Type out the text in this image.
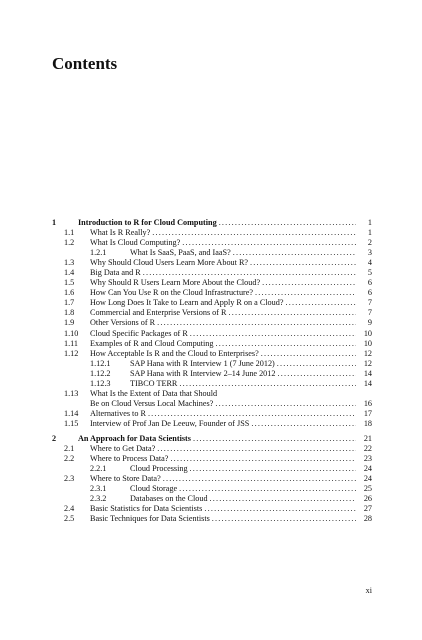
Contents
1	Introduction to R for Cloud Computing .....	1
1.1	What Is R Really? .....	1
1.2	What Is Cloud Computing? .....	2
1.2.1	What Is SaaS, PaaS, and IaaS? .....	3
1.3	Why Should Cloud Users Learn More About R? .....	4
1.4	Big Data and R .....	5
1.5	Why Should R Users Learn More About the Cloud? .....	6
1.6	How Can You Use R on the Cloud Infrastructure? .....	6
1.7	How Long Does It Take to Learn and Apply R on a Cloud? .....	7
1.8	Commercial and Enterprise Versions of R .....	7
1.9	Other Versions of R .....	9
1.10	Cloud Specific Packages of R .....	10
1.11	Examples of R and Cloud Computing .....	10
1.12	How Acceptable Is R and the Cloud to Enterprises? .....	12
1.12.1	SAP Hana with R Interview 1 (7 June 2012) .....	12
1.12.2	SAP Hana with R Interview 2–14 June 2012 .....	14
1.12.3	TIBCO TERR .....	14
1.13	What Is the Extent of Data that Should
Be on Cloud Versus Local Machines? .....	16
1.14	Alternatives to R .....	17
1.15	Interview of Prof Jan De Leeuw, Founder of JSS .....	18
2	An Approach for Data Scientists .....	21
2.1	Where to Get Data? .....	22
2.2	Where to Process Data? .....	23
2.2.1	Cloud Processing .....	24
2.3	Where to Store Data? .....	24
2.3.1	Cloud Storage .....	25
2.3.2	Databases on the Cloud .....	26
2.4	Basic Statistics for Data Scientists .....	27
2.5	Basic Techniques for Data Scientists .....	28
xi
